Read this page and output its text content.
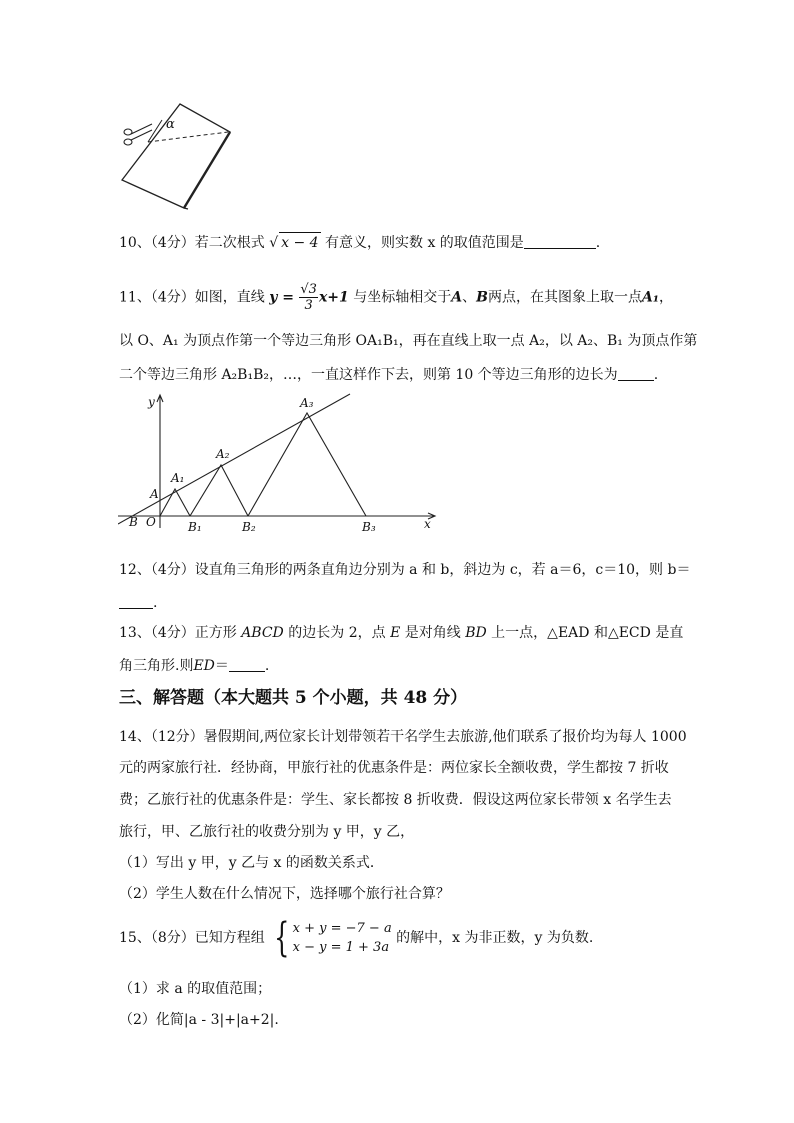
α
10、（4分）若二次根式 √ x − 4 有意义，则实数 x 的取值范围是	.
11、（4分）如图，直线 $y = \frac{√3}{3} x+1$ 与坐标轴相交于A、B两点，在其图象上取一点A₁，
以 O、A₁ 为顶点作第一个等边三角形 OA₁B₁，再在直线上取一点 A₂，以 A₂、B₁ 为顶点作第
二个等边三角形 A₂B₁B₂，…，一直这样作下去，则第 10 个等边三角形的边长为	.
y
x
B O
A
A₁
A₂
A₃
B₁	B₂	B₃
12、（4分）设直角三角形的两条直角边分别为 a 和 b，斜边为 c，若 a＝6，c＝10，则 b＝
.
13、（4分）正方形 ABCD 的边长为 2，点 E 是对角线 BD 上一点，△EAD 和△ECD 是直
角三角形.则ED＝	.
三、解答题（本大题共 5 个小题，共 48 分）
14、（12分）暑假期间,两位家长计划带领若干名学生去旅游,他们联系了报价均为每人 1000
元的两家旅行社．经协商，甲旅行社的优惠条件是：两位家长全额收费，学生都按 7 折收
费；乙旅行社的优惠条件是：学生、家长都按 8 折收费．假设这两位家长带领 x 名学生去
旅行，甲、乙旅行社的收费分别为 y 甲，y 乙，
（1）写出 y 甲，y 乙与 x 的函数关系式．
（2）学生人数在什么情况下，选择哪个旅行社合算？
15、（8分）已知方程组 { x + y = −7 − a
x − y = 1 + 3a
的解中，x 为非正数，y 为负数.
（1）求 a 的取值范围；
（2）化简|a - 3|+|a+2|.
